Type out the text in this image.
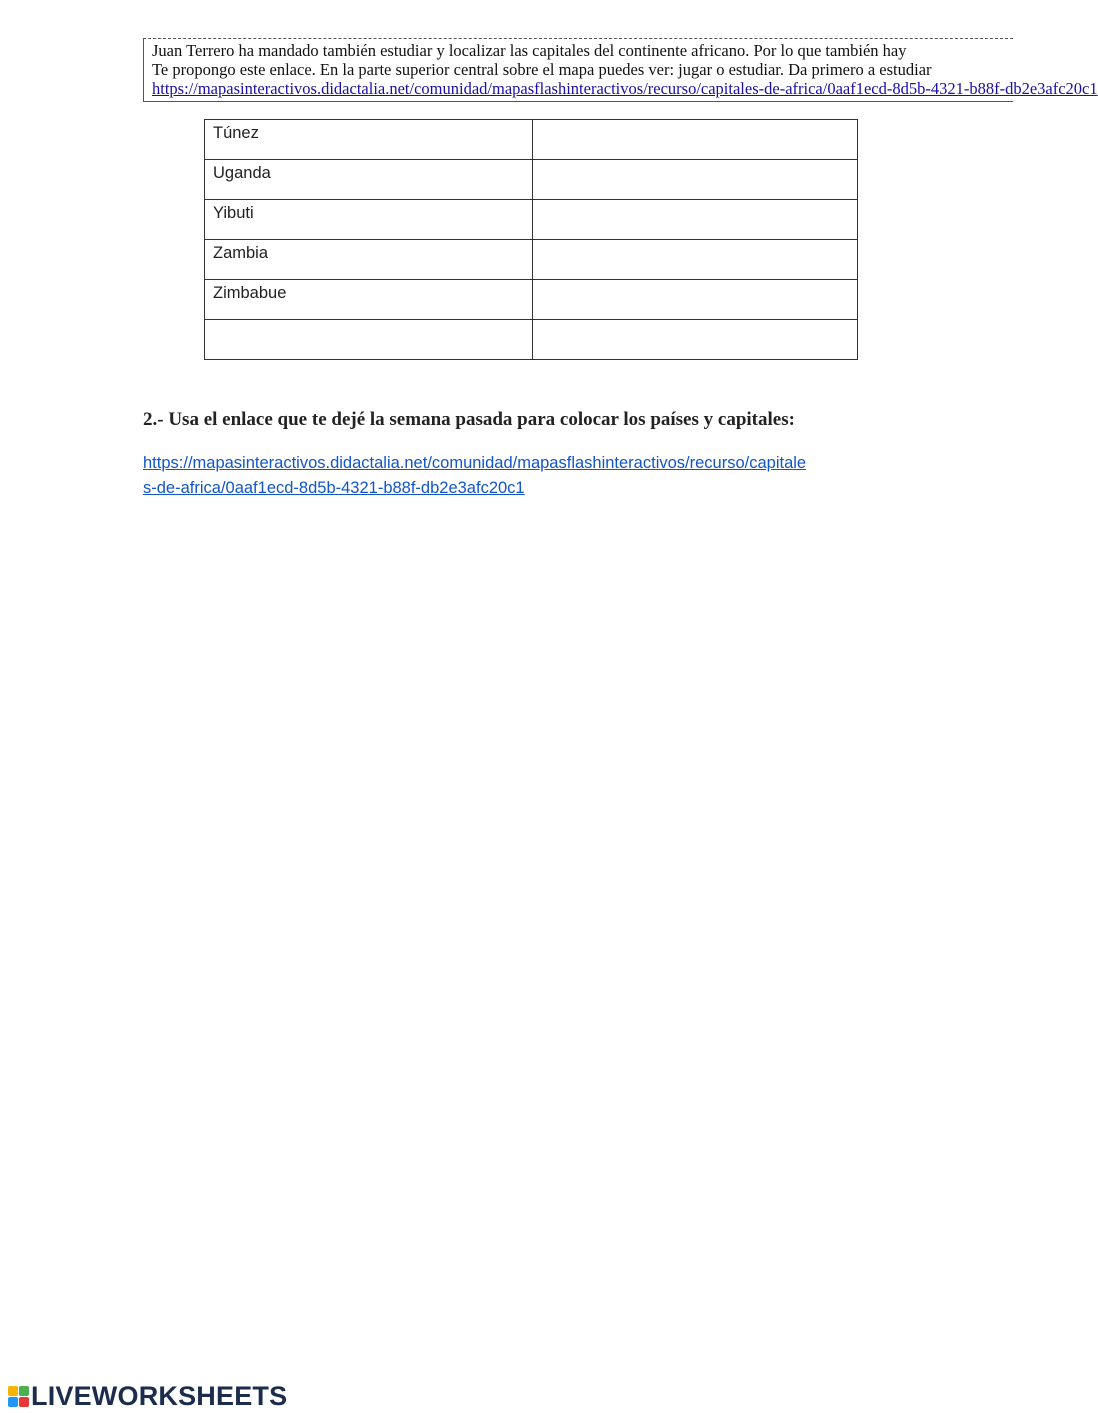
Juan Terrero ha mandado también estudiar y localizar las capitales del continente africano. Por lo que también hay
Te propongo este enlace. En la parte superior central sobre el mapa puedes ver: jugar o estudiar. Da primero a estudiar
https://mapasinteractivos.didactalia.net/comunidad/mapasflashinteractivos/recurso/capitales-de-africa/0aaf1ecd-8d5b-4321-b88f-db2e3afc20c1
Túnez	
Uganda	
Yibuti	
Zambia	
Zimbabue	

2.- Usa el enlace que te dejé la semana pasada para colocar los países y capitales:
https://mapasinteractivos.didactalia.net/comunidad/mapasflashinteractivos/recurso/capitale
s-de-africa/0aaf1ecd-8d5b-4321-b88f-db2e3afc20c1
LIVEWORKSHEETS
